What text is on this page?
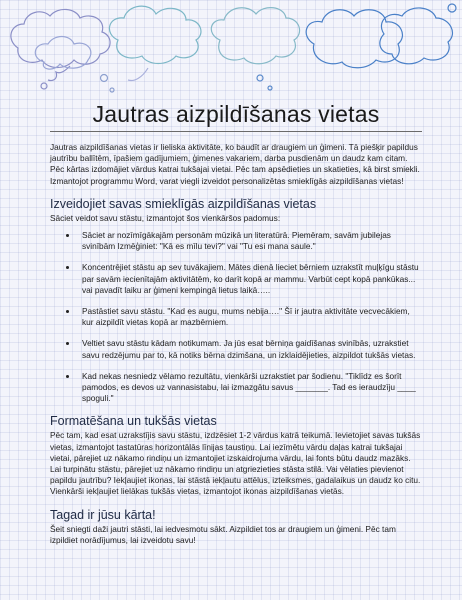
Jautras aizpildīšanas vietas

Jautras aizpildīšanas vietas ir lieliska aktivitāte, ko baudīt ar draugiem un ģimeni. Tā piešķir papildus jautrību ballītēm, īpašiem gadījumiem, ģimenes vakariem, darba pusdienām un daudz kam citam. Pēc kārtas izdomājiet vārdus katrai tukšajai vietai. Pēc tam apsēdieties un skatieties, kā birst smiekli. Izmantojot programmu Word, varat viegli izveidot personalizētas smieklīgās aizpildīšanas vietas!

Izveidojiet savas smieklīgās aizpildīšanas vietas

Sāciet veidot savu stāstu, izmantojot šos vienkāršos padomus:

Sāciet ar nozīmīgākajām personām mūzikā un literatūrā. Piemēram, savām jubilejas svinībām Izmēģiniet: "Kā es mīlu tevi?" vai "Tu esi mana saule."
Koncentrējiet stāstu ap sev tuvākajiem. Mātes dienā lieciet bērniem uzrakstīt muļķīgu stāstu par savām iecienītajām aktivitātēm, ko darīt kopā ar mammu. Varbūt cept kopā pankūkas... vai pavadīt laiku ar ģimeni kempingā lietus laikā…..
Pastāstiet savu stāstu. "Kad es augu, mums nebija…." Šī ir jautra aktivitāte vecvecākiem, kur aizpildīt vietas kopā ar mazbērniem.
Veltiet savu stāstu kādam notikumam. Ja jūs esat bērniņa gaidīšanas svinībās, uzrakstiet savu redzējumu par to, kā notiks bērna dzimšana, un izklaidējieties, aizpildot tukšās vietas.
Kad nekas nesniedz vēlamo rezultātu, vienkārši uzrakstiet par šodienu. "Tiklīdz es šorīt pamodos, es devos uz vannasistabu, lai izmazgātu savus _______. Tad es ieraudzīju ____ spoguli."
Formatēšana un tukšās vietas

Pēc tam, kad esat uzrakstījis savu stāstu, izdzēsiet 1-2 vārdus katrā teikumā. Ievietojiet savas tukšās vietas, izmantojot tastatūras horizontālās līnijas taustiņu. Lai iezīmētu vārdu daļas katrai tukšajai vietai, pārejiet uz nākamo rindiņu un izmantojiet izskaidrojuma vārdu, lai fonts būtu daudz mazāks. Lai turpinātu stāstu, pārejiet uz nākamo rindiņu un atgriezieties stāsta stilā. Vai vēlaties pievienot papildu jautrību? Iekļaujiet ikonas, lai stāstā iekļautu attēlus, izteiksmes, gadalaikus un daudz ko citu. Vienkārši iekļaujiet lielākas tukšās vietas, izmantojot ikonas aizpildīšanas vietās.

Tagad ir jūsu kārta!

Šeit sniegti daži jautri stāsti, lai iedvesmotu sākt. Aizpildiet tos ar draugiem un ģimeni. Pēc tam izpildiet norādījumus, lai izveidotu savu!
